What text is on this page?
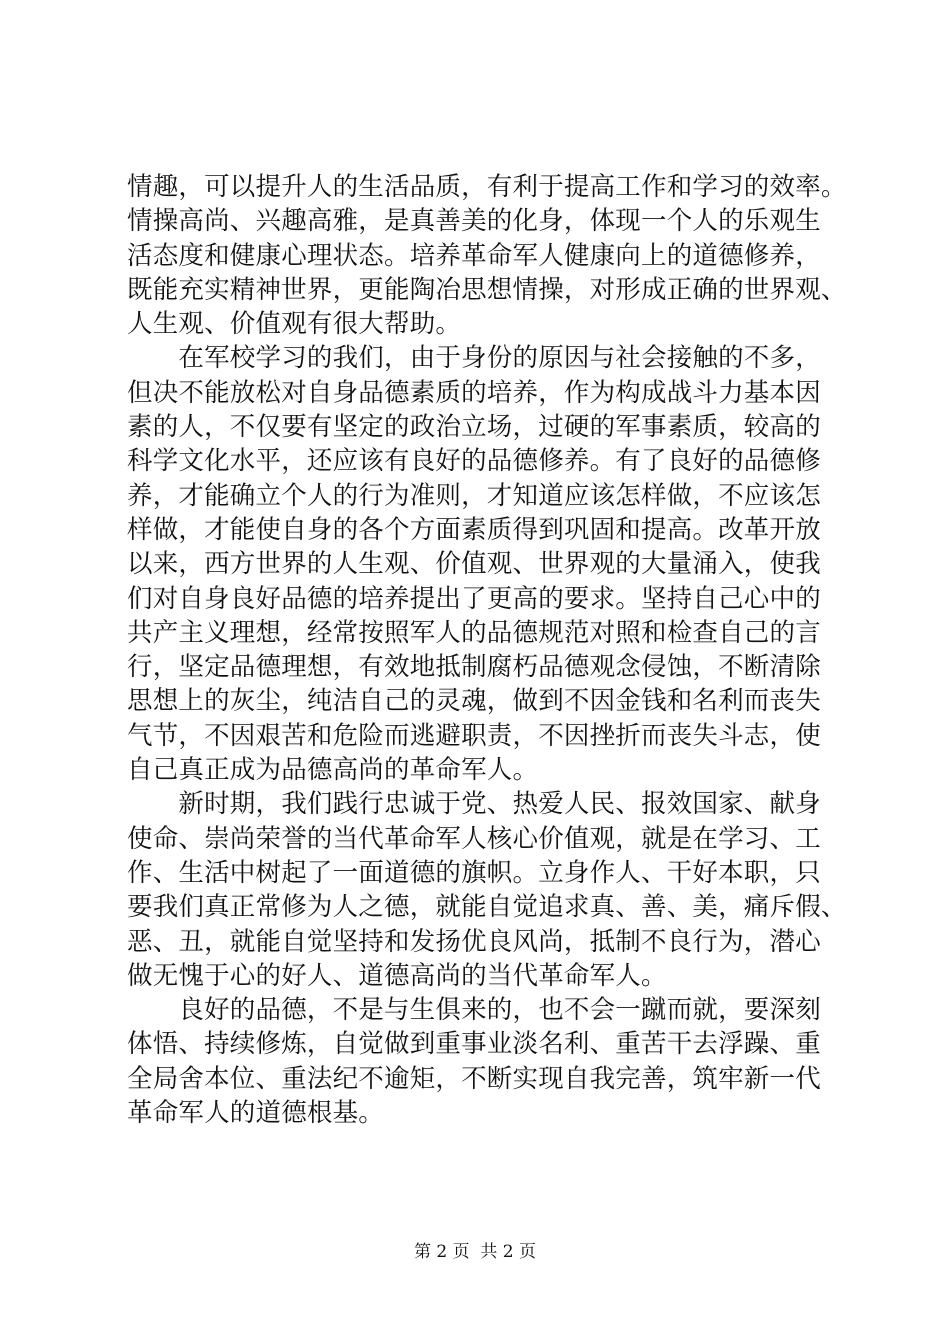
情趣，可以提升人的生活品质，有利于提高工作和学习的效率。
情操高尚、兴趣高雅，是真善美的化身，体现一个人的乐观生
活态度和健康心理状态。培养革命军人健康向上的道德修养，
既能充实精神世界，更能陶冶思想情操，对形成正确的世界观、
人生观、价值观有很大帮助。
　　在军校学习的我们，由于身份的原因与社会接触的不多，
但决不能放松对自身品德素质的培养，作为构成战斗力基本因
素的人，不仅要有坚定的政治立场，过硬的军事素质，较高的
科学文化水平，还应该有良好的品德修养。有了良好的品德修
养，才能确立个人的行为准则，才知道应该怎样做，不应该怎
样做，才能使自身的各个方面素质得到巩固和提高。改革开放
以来，西方世界的人生观、价值观、世界观的大量涌入，使我
们对自身良好品德的培养提出了更高的要求。坚持自己心中的
共产主义理想，经常按照军人的品德规范对照和检查自己的言
行，坚定品德理想，有效地抵制腐朽品德观念侵蚀，不断清除
思想上的灰尘，纯洁自己的灵魂，做到不因金钱和名利而丧失
气节，不因艰苦和危险而逃避职责，不因挫折而丧失斗志，使
自己真正成为品德高尚的革命军人。
　　新时期，我们践行忠诚于党、热爱人民、报效国家、献身
使命、崇尚荣誉的当代革命军人核心价值观，就是在学习、工
作、生活中树起了一面道德的旗帜。立身作人、干好本职，只
要我们真正常修为人之德，就能自觉追求真、善、美，痛斥假、
恶、丑，就能自觉坚持和发扬优良风尚，抵制不良行为，潜心
做无愧于心的好人、道德高尚的当代革命军人。
　　良好的品德，不是与生俱来的，也不会一蹴而就，要深刻
体悟、持续修炼，自觉做到重事业淡名利、重苦干去浮躁、重
全局舍本位、重法纪不逾矩，不断实现自我完善，筑牢新一代
革命军人的道德根基。
第 2 页  共 2 页
